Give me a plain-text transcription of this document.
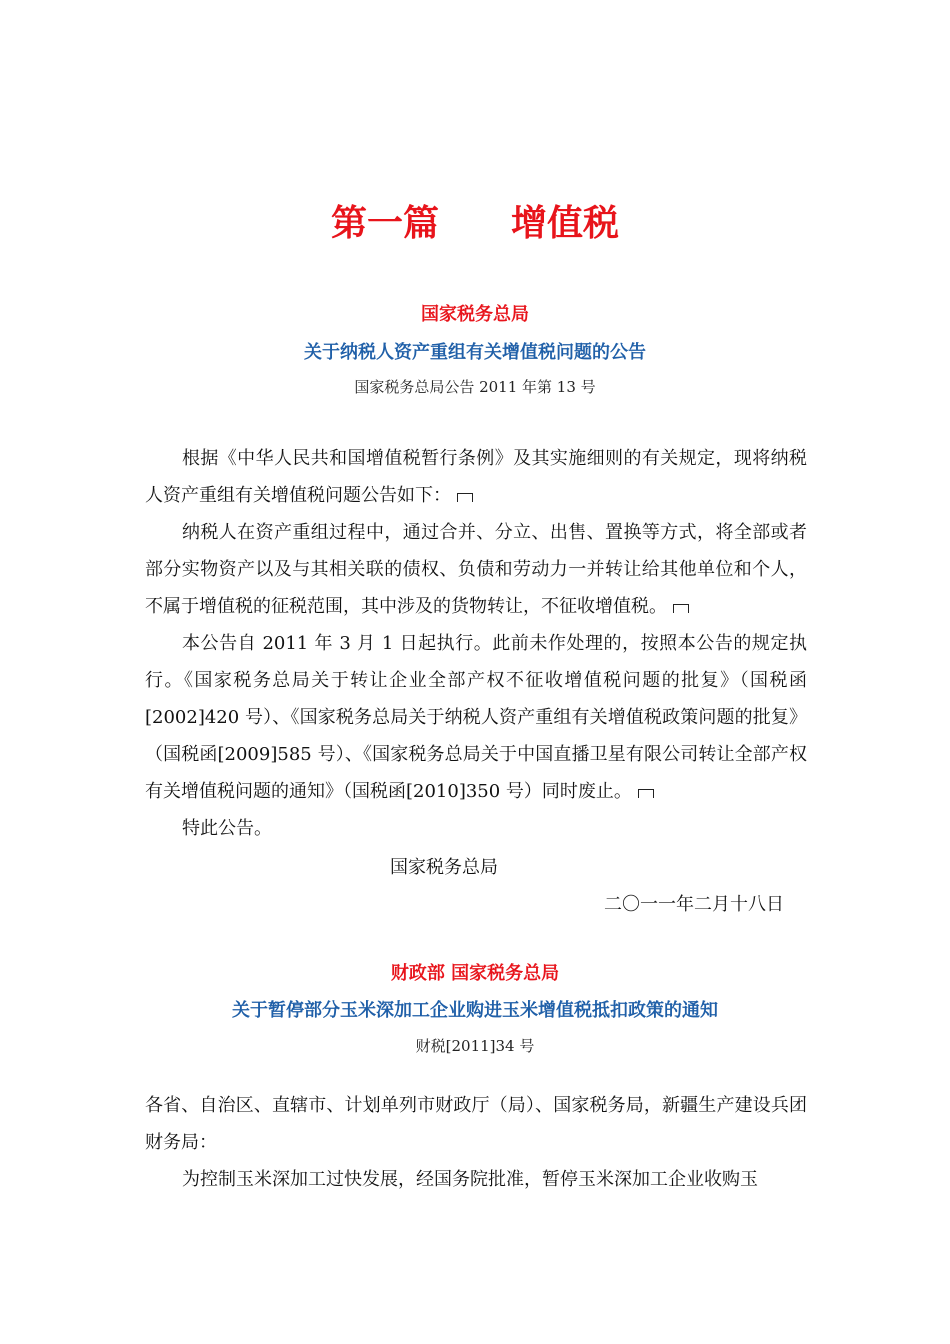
第一篇　　增值税
国家税务总局
关于纳税人资产重组有关增值税问题的公告
国家税务总局公告 2011 年第 13 号

根据《中华人民共和国增值税暂行条例》及其实施细则的有关规定，现将纳税人资产重组有关增值税问题公告如下：

纳税人在资产重组过程中，通过合并、分立、出售、置换等方式，将全部或者部分实物资产以及与其相关联的债权、负债和劳动力一并转让给其他单位和个人，不属于增值税的征税范围，其中涉及的货物转让，不征收增值税。

本公告自 2011 年 3 月 1 日起执行。此前未作处理的，按照本公告的规定执行。《国家税务总局关于转让企业全部产权不征收增值税问题的批复》（国税函[2002]420 号）、《国家税务总局关于纳税人资产重组有关增值税政策问题的批复》（国税函[2009]585 号）、《国家税务总局关于中国直播卫星有限公司转让全部产权有关增值税问题的通知》（国税函[2010]350 号）同时废止。

特此公告。

国家税务总局
二〇一一年二月十八日
财政部 国家税务总局
关于暂停部分玉米深加工企业购进玉米增值税抵扣政策的通知
财税[2011]34 号

各省、自治区、直辖市、计划单列市财政厅（局）、国家税务局，新疆生产建设兵团财务局：

为控制玉米深加工过快发展，经国务院批准，暂停玉米深加工企业收购玉
